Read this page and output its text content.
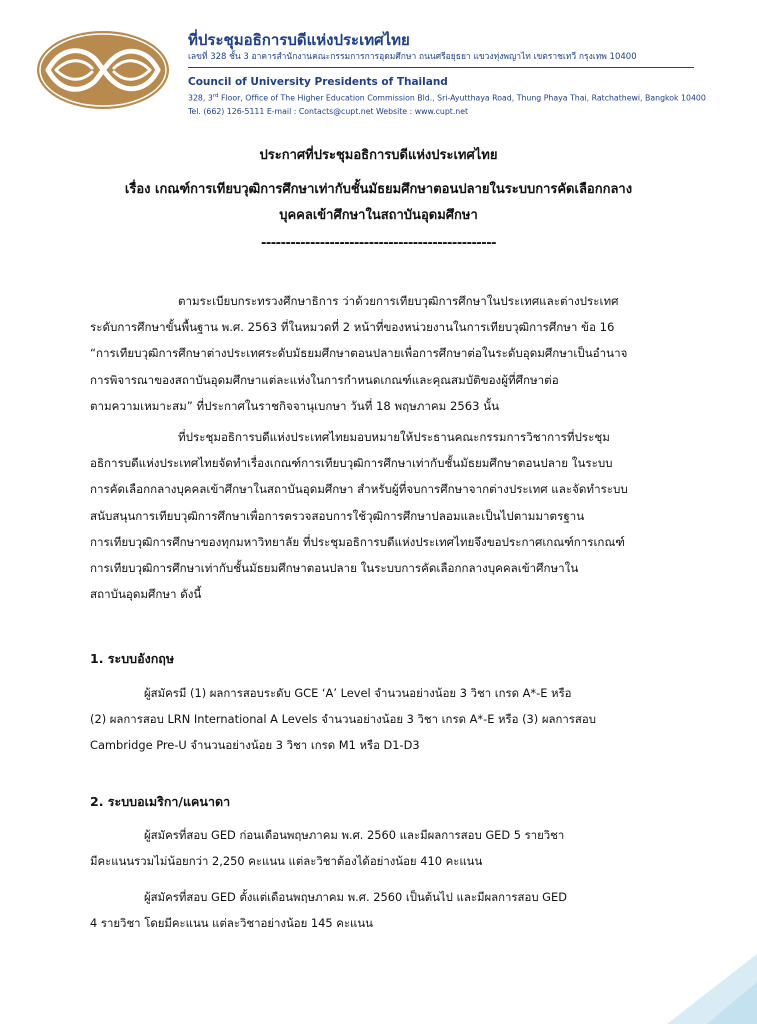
ที่ประชุมอธิการบดีแห่งประเทศไทย
เลขที่ 328 ชั้น 3 อาคารสำนักงานคณะกรรมการการอุดมศึกษา ถนนศรีอยุธยา แขวงทุ่งพญาไท เขตราชเทวี กรุงเทพ 10400
Council of University Presidents of Thailand
328, 3rd Floor, Office of The Higher Education Commission Bld., Sri-Ayutthaya Road, Thung Phaya Thai, Ratchathewi, Bangkok 10400
Tel. (662) 126-5111 E-mail : Contacts@cupt.net Website : www.cupt.net
ประกาศที่ประชุมอธิการบดีแห่งประเทศไทย
เรื่อง เกณฑ์การเทียบวุฒิการศึกษาเท่ากับชั้นมัธยมศึกษาตอนปลายในระบบการคัดเลือกกลาง
บุคคลเข้าศึกษาในสถาบันอุดมศึกษา
------------------------------------------------
ตามระเบียบกระทรวงศึกษาธิการ ว่าด้วยการเทียบวุฒิการศึกษาในประเทศและต่างประเทศ
ระดับการศึกษาขั้นพื้นฐาน พ.ศ. 2563 ที่ในหมวดที่ 2 หน้าที่ของหน่วยงานในการเทียบวุฒิการศึกษา ข้อ 16
“การเทียบวุฒิการศึกษาต่างประเทศระดับมัธยมศึกษาตอนปลายเพื่อการศึกษาต่อในระดับอุดมศึกษาเป็นอำนาจ
การพิจารณาของสถาบันอุดมศึกษาแต่ละแห่งในการกำหนดเกณฑ์และคุณสมบัติของผู้ที่ศึกษาต่อ
ตามความเหมาะสม” ที่ประกาศในราชกิจจานุเบกษา วันที่ 18 พฤษภาคม 2563 นั้น
ที่ประชุมอธิการบดีแห่งประเทศไทยมอบหมายให้ประธานคณะกรรมการวิชาการที่ประชุม
อธิการบดีแห่งประเทศไทยจัดทำเรื่องเกณฑ์การเทียบวุฒิการศึกษาเท่ากับชั้นมัธยมศึกษาตอนปลาย ในระบบ
การคัดเลือกกลางบุคคลเข้าศึกษาในสถาบันอุดมศึกษา สำหรับผู้ที่จบการศึกษาจากต่างประเทศ และจัดทำระบบ
สนับสนุนการเทียบวุฒิการศึกษาเพื่อการตรวจสอบการใช้วุฒิการศึกษาปลอมและเป็นไปตามมาตรฐาน
การเทียบวุฒิการศึกษาของทุกมหาวิทยาลัย ที่ประชุมอธิการบดีแห่งประเทศไทยจึงขอประกาศเกณฑ์การเกณฑ์
การเทียบวุฒิการศึกษาเท่ากับชั้นมัธยมศึกษาตอนปลาย ในระบบการคัดเลือกกลางบุคคลเข้าศึกษาใน
สถาบันอุดมศึกษา ดังนี้
1. ระบบอังกฤษ
ผู้สมัครมี (1) ผลการสอบระดับ GCE ‘A’ Level จำนวนอย่างน้อย 3 วิชา เกรด A*-E หรือ
(2) ผลการสอบ LRN International A Levels จำนวนอย่างน้อย 3 วิชา เกรด A*-E หรือ (3) ผลการสอบ
Cambridge Pre-U จำนวนอย่างน้อย 3 วิชา เกรด M1 หรือ D1-D3
2. ระบบอเมริกา/แคนาดา
ผู้สมัครที่สอบ GED ก่อนเดือนพฤษภาคม พ.ศ. 2560 และมีผลการสอบ GED 5 รายวิชา
มีคะแนนรวมไม่น้อยกว่า 2,250 คะแนน แต่ละวิชาต้องได้อย่างน้อย 410 คะแนน
ผู้สมัครที่สอบ GED ตั้งแต่เดือนพฤษภาคม พ.ศ. 2560 เป็นต้นไป และมีผลการสอบ GED
4 รายวิชา โดยมีคะแนน แต่ละวิชาอย่างน้อย 145 คะแนน
